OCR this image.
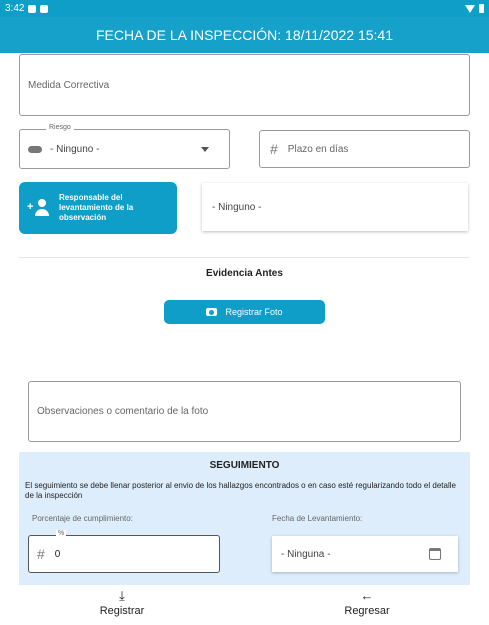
3:42
FECHA DE LA INSPECCIÓN: 18/11/2022 15:41
Medida Correctiva
- Ninguno -
Riesgo
# Plazo en días
+
Responsable del levantamiento de la observación
- Ninguno -
Evidencia Antes
Registrar Foto
Observaciones o comentario de la foto
SEGUIMIENTO
El seguimiento se debe llenar posterior al envio de los hallazgos encontrados o en caso esté regularizando todo el detalle de la inspección
Porcentaje de cumplimiento:	Fecha de Levantamiento:
# 0
%
- Ninguna -
⤓
Registrar
←
Regresar
